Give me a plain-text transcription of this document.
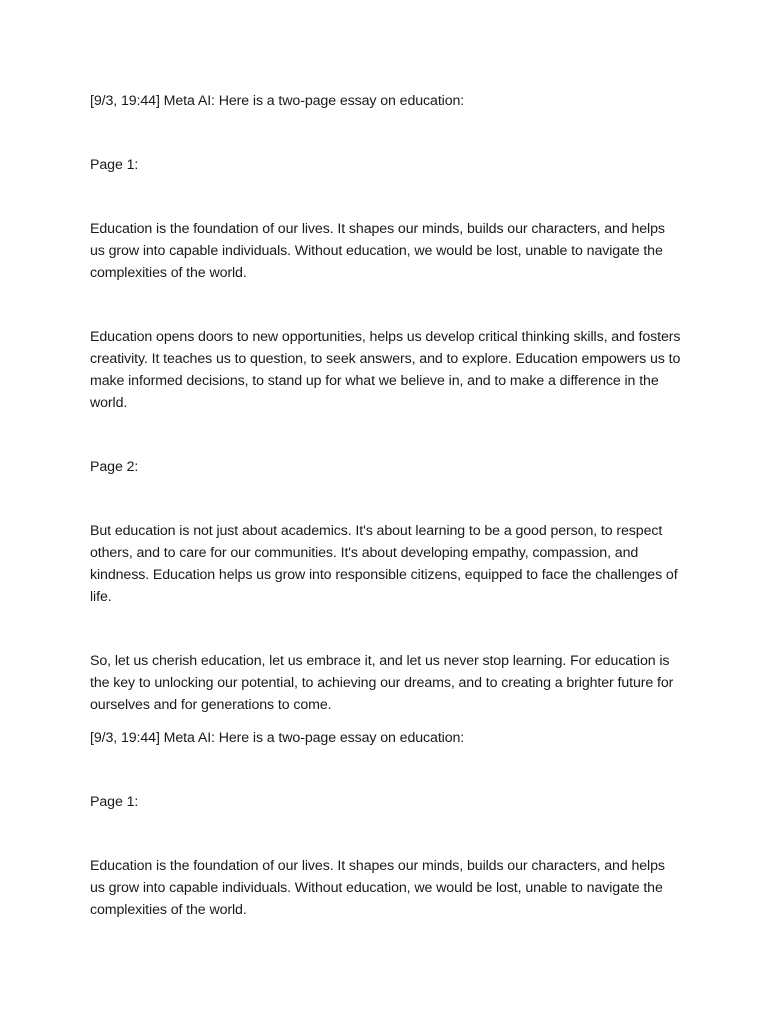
[9/3, 19:44] Meta AI: Here is a two-page essay on education:

Page 1:

Education is the foundation of our lives. It shapes our minds, builds our characters, and helps us grow into capable individuals. Without education, we would be lost, unable to navigate the complexities of the world.

Education opens doors to new opportunities, helps us develop critical thinking skills, and fosters creativity. It teaches us to question, to seek answers, and to explore. Education empowers us to make informed decisions, to stand up for what we believe in, and to make a difference in the world.

Page 2:

But education is not just about academics. It's about learning to be a good person, to respect others, and to care for our communities. It's about developing empathy, compassion, and kindness. Education helps us grow into responsible citizens, equipped to face the challenges of life.

So, let us cherish education, let us embrace it, and let us never stop learning. For education is the key to unlocking our potential, to achieving our dreams, and to creating a brighter future for ourselves and for generations to come.

[9/3, 19:44] Meta AI: Here is a two-page essay on education:

Page 1:

Education is the foundation of our lives. It shapes our minds, builds our characters, and helps us grow into capable individuals. Without education, we would be lost, unable to navigate the complexities of the world.
